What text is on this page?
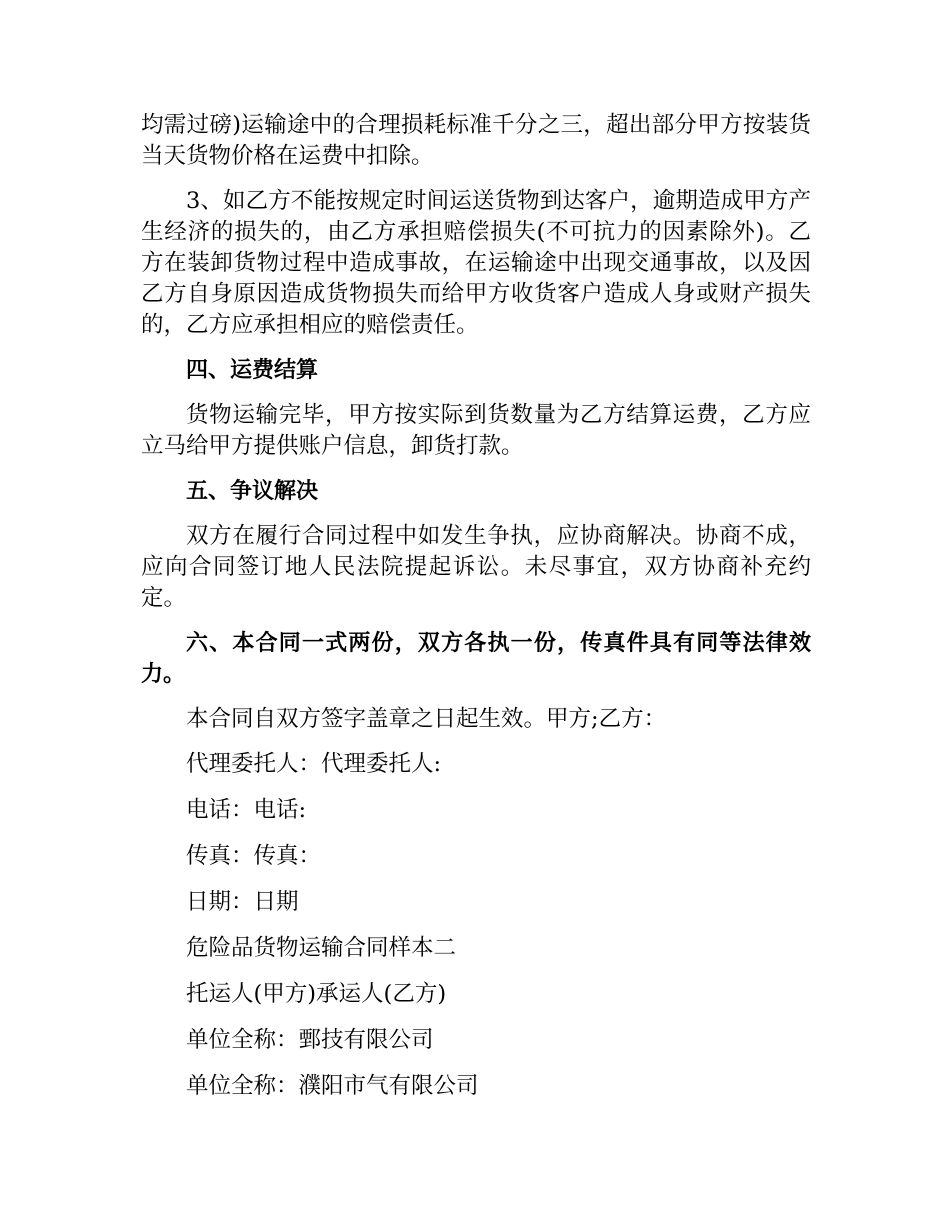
均需过磅)运输途中的合理损耗标准千分之三，超出部分甲方按装货当天货物价格在运费中扣除。

3、如乙方不能按规定时间运送货物到达客户，逾期造成甲方产生经济的损失的，由乙方承担赔偿损失(不可抗力的因素除外)。乙方在装卸货物过程中造成事故，在运输途中出现交通事故，以及因乙方自身原因造成货物损失而给甲方收货客户造成人身或财产损失的，乙方应承担相应的赔偿责任。

四、运费结算

货物运输完毕，甲方按实际到货数量为乙方结算运费，乙方应立马给甲方提供账户信息，卸货打款。

五、争议解决

双方在履行合同过程中如发生争执，应协商解决。协商不成，应向合同签订地人民法院提起诉讼。未尽事宜，双方协商补充约定。

六、本合同一式两份，双方各执一份，传真件具有同等法律效力。

本合同自双方签字盖章之日起生效。甲方;乙方：

代理委托人：代理委托人:

电话：电话:

传真：传真：

日期：日期

危险品货物运输合同样本二

托运人(甲方)承运人(乙方)

单位全称：鄄技有限公司

单位全称：濮阳市气有限公司
